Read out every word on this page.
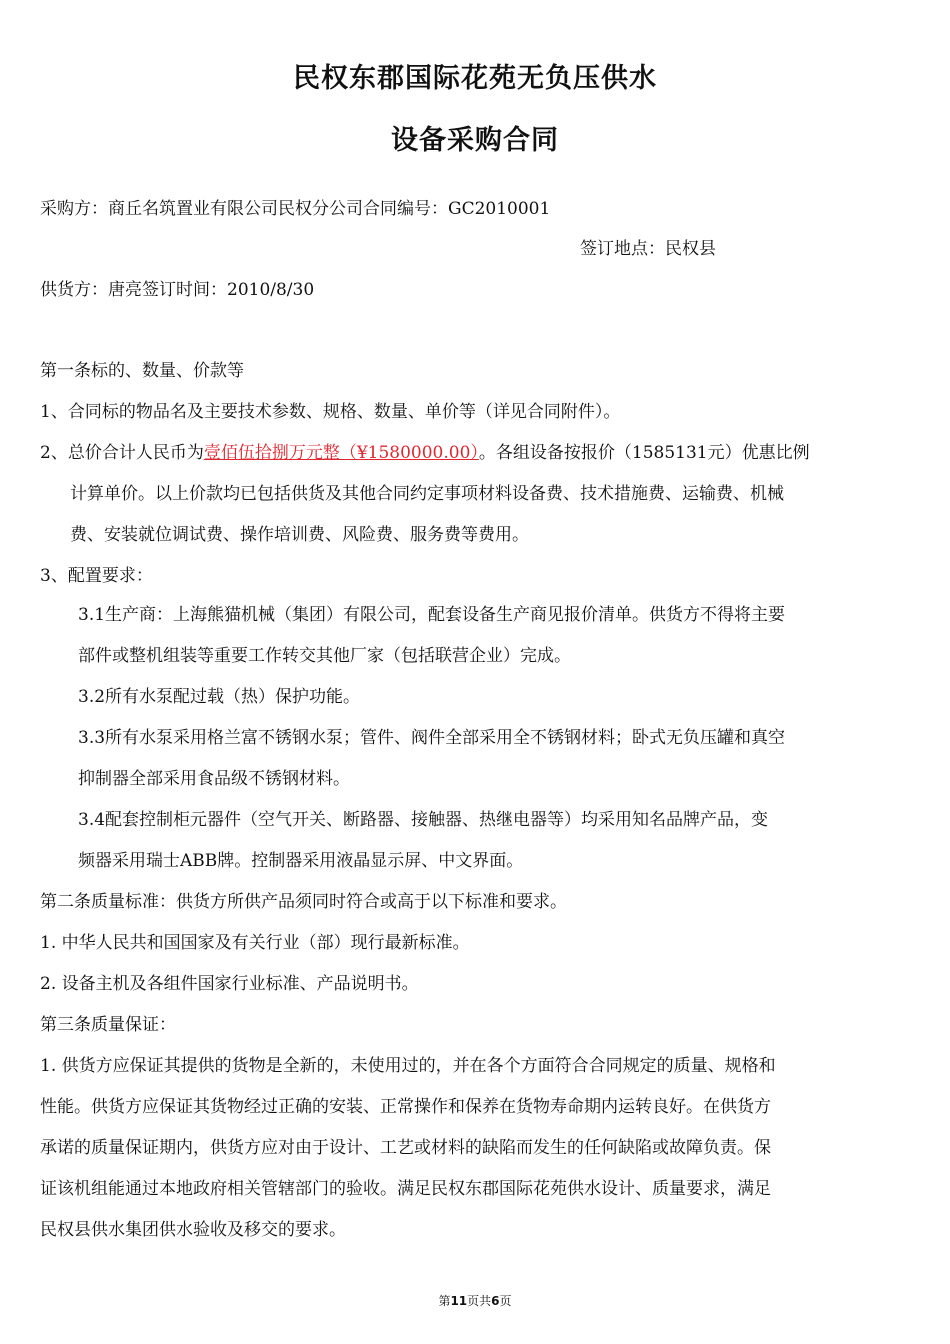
民权东郡国际花苑无负压供水
设备采购合同
采购方：商丘名筑置业有限公司民权分公司合同编号：GC2010001
签订地点：民权县
供货方：唐亮签订时间：2010/8/30
第一条标的、数量、价款等
1、合同标的物品名及主要技术参数、规格、数量、单价等（详见合同附件）。
2、总价合计人民币为壹佰伍拾捌万元整（¥1580000.00）。各组设备按报价（1585131元）优惠比例
计算单价。以上价款均已包括供货及其他合同约定事项材料设备费、技术措施费、运输费、机械
费、安装就位调试费、操作培训费、风险费、服务费等费用。
3、配置要求：
3.1生产商：上海熊猫机械（集团）有限公司，配套设备生产商见报价清单。供货方不得将主要
部件或整机组装等重要工作转交其他厂家（包括联营企业）完成。
3.2所有水泵配过载（热）保护功能。
3.3所有水泵采用格兰富不锈钢水泵；管件、阀件全部采用全不锈钢材料；卧式无负压罐和真空
抑制器全部采用食品级不锈钢材料。
3.4配套控制柜元器件（空气开关、断路器、接触器、热继电器等）均采用知名品牌产品，变
频器采用瑞士ABB牌。控制器采用液晶显示屏、中文界面。
第二条质量标准：供货方所供产品须同时符合或高于以下标准和要求。
1. 中华人民共和国国家及有关行业（部）现行最新标准。
2. 设备主机及各组件国家行业标准、产品说明书。
第三条质量保证：
1. 供货方应保证其提供的货物是全新的，未使用过的，并在各个方面符合合同规定的质量、规格和
性能。供货方应保证其货物经过正确的安装、正常操作和保养在货物寿命期内运转良好。在供货方
承诺的质量保证期内，供货方应对由于设计、工艺或材料的缺陷而发生的任何缺陷或故障负责。保
证该机组能通过本地政府相关管辖部门的验收。满足民权东郡国际花苑供水设计、质量要求，满足
民权县供水集团供水验收及移交的要求。
第11页共6页
